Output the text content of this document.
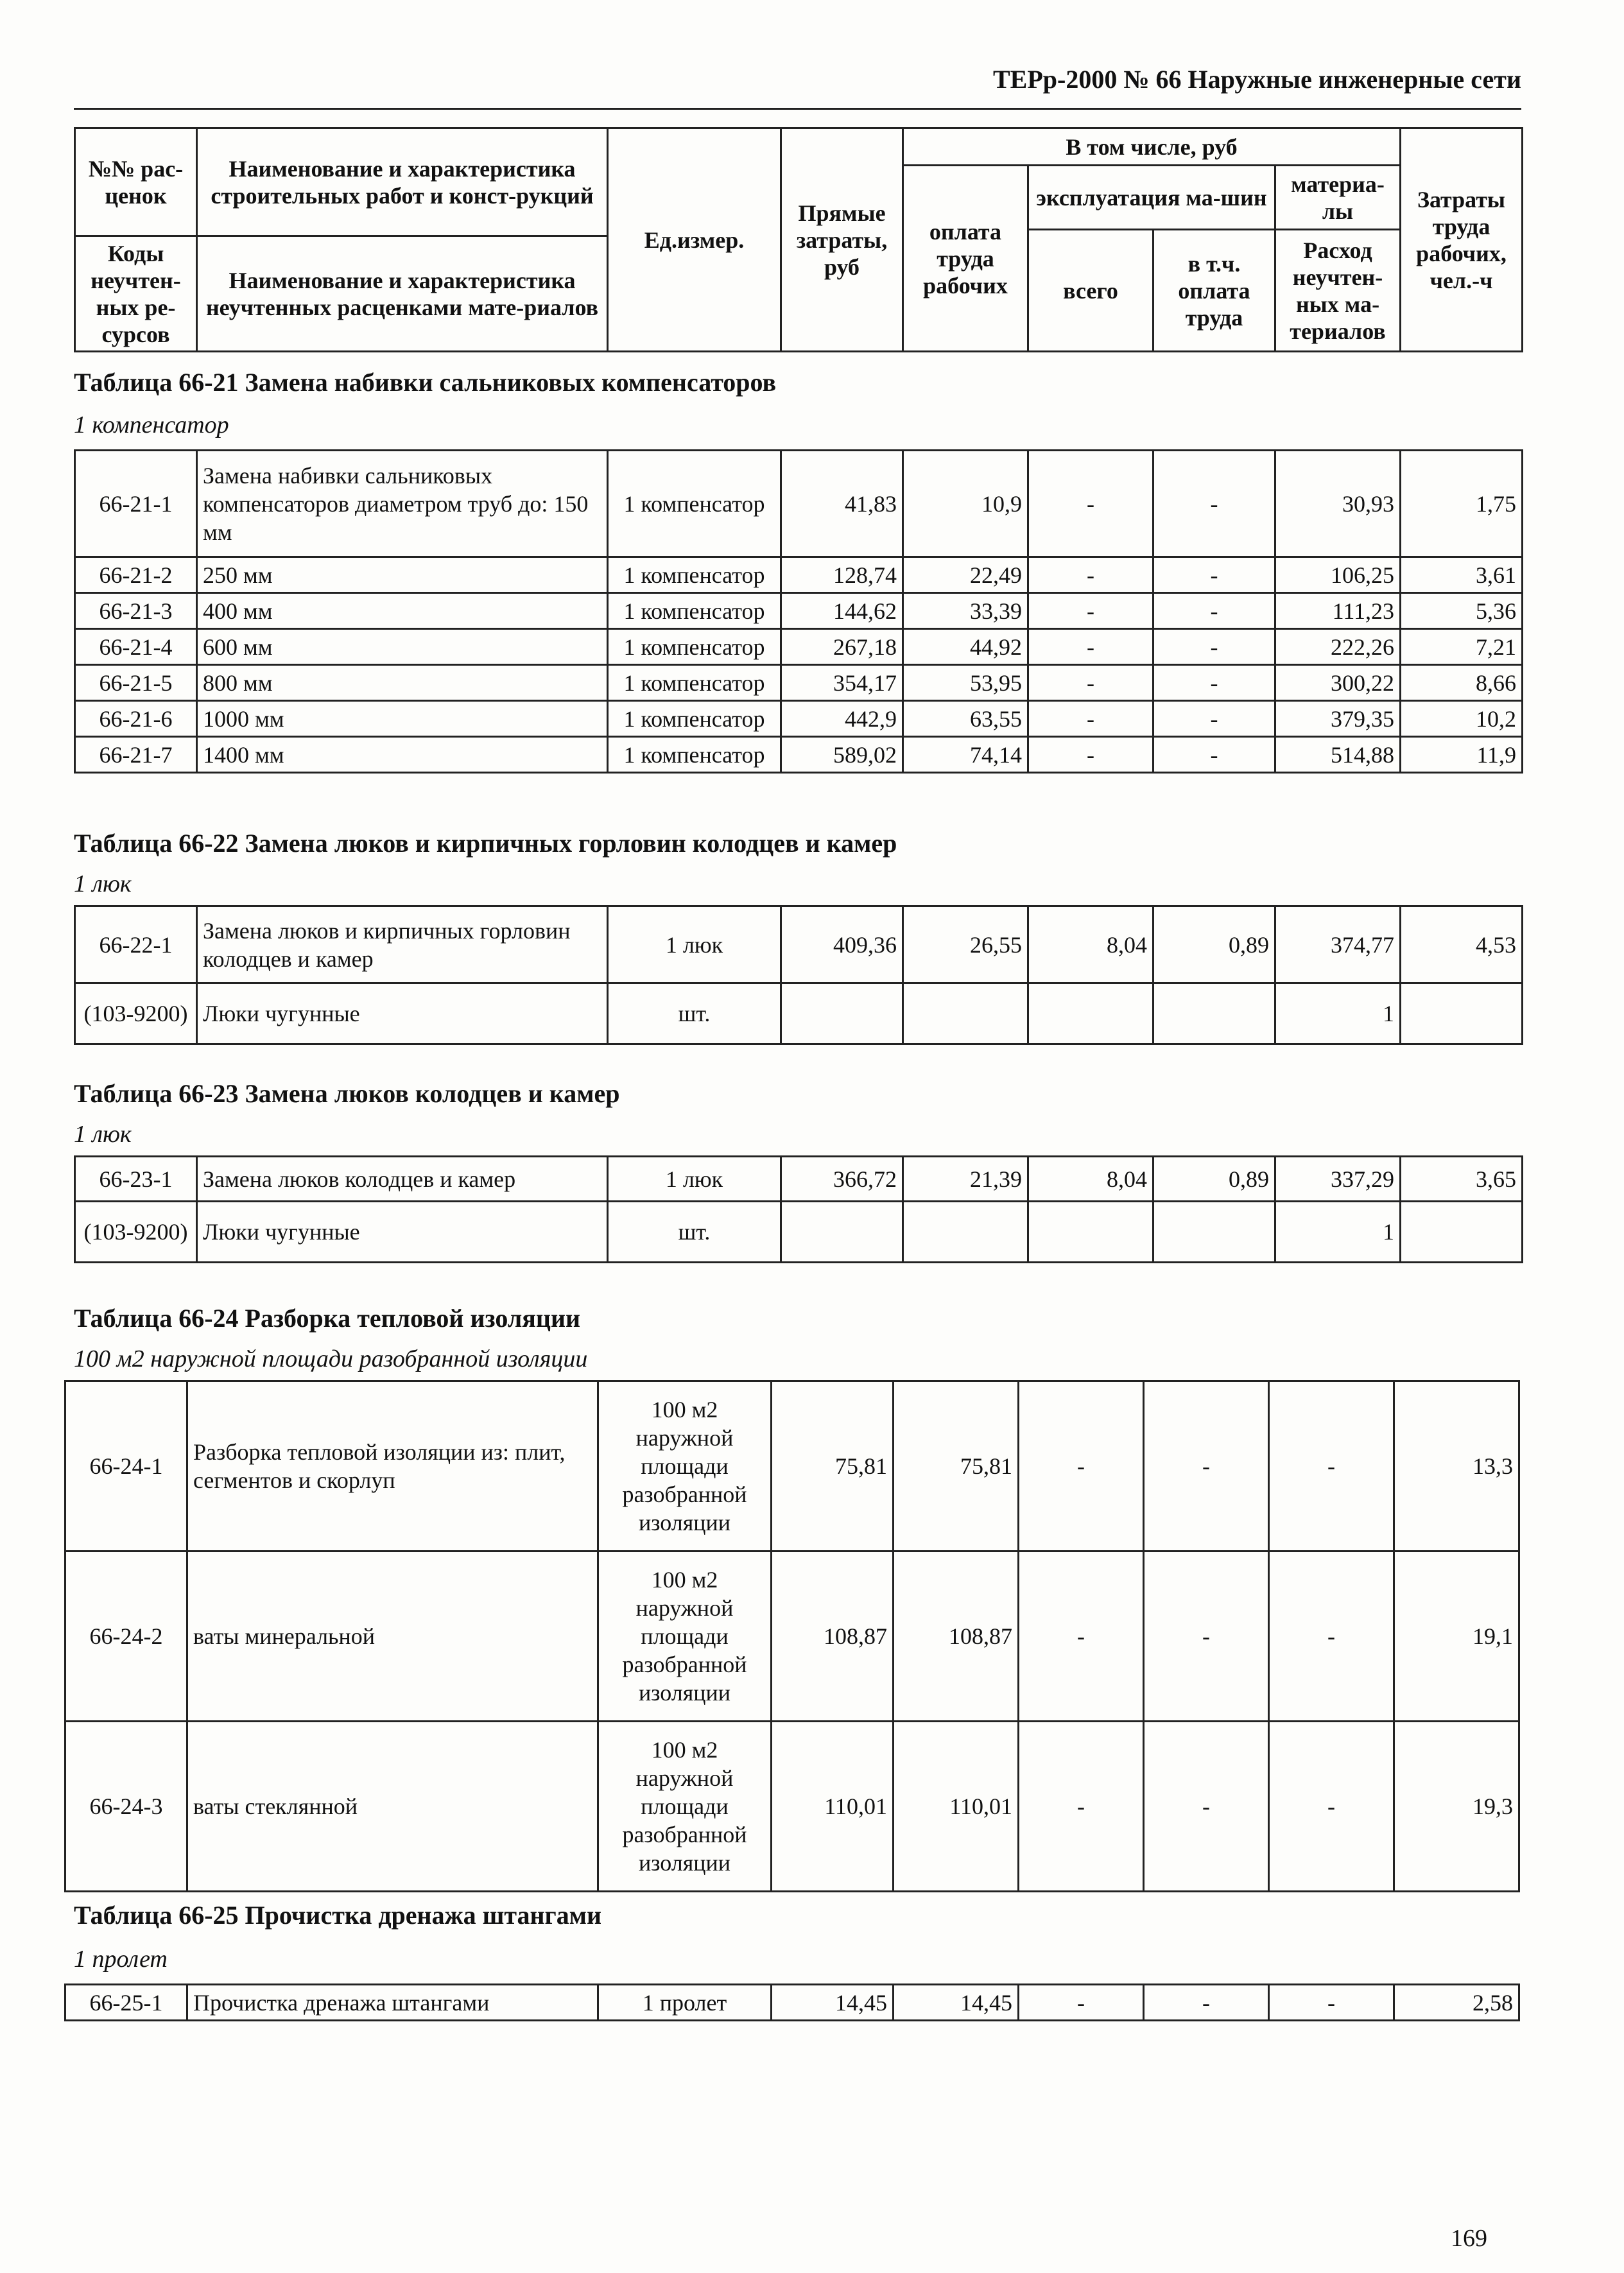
ТЕРр-2000 № 66 Наружные инженерные сети
№№ рас-ценок	Наименование и характеристика строительных работ и конст-рукций	Ед.измер.	Прямые затраты, руб	В том числе, руб				Затраты труда рабочих, чел.-ч
				оплата труда рабочих	эксплуатация ма-шин		материа-лы	
					всего	в т.ч. оплата труда	Расход неучтен-ных ма-териалов	
Коды неучтен-ных ре-сурсов	Наименование и характеристика неучтенных расценками мате-риалов							

Таблица 66-21 Замена набивки сальниковых компенсаторов
1 компенсатор
66-21-1	Замена набивки сальниковых компенсаторов диаметром труб до: 150 мм	1 компенсатор	41,83	10,9	-	-	30,93	1,75
66-21-2	250 мм	1 компенсатор	128,74	22,49	-	-	106,25	3,61
66-21-3	400 мм	1 компенсатор	144,62	33,39	-	-	111,23	5,36
66-21-4	600 мм	1 компенсатор	267,18	44,92	-	-	222,26	7,21
66-21-5	800 мм	1 компенсатор	354,17	53,95	-	-	300,22	8,66
66-21-6	1000 мм	1 компенсатор	442,9	63,55	-	-	379,35	10,2
66-21-7	1400 мм	1 компенсатор	589,02	74,14	-	-	514,88	11,9
Таблица 66-22 Замена люков и кирпичных горловин колодцев и камер
1 люк
66-22-1	Замена люков и кирпичных горловин колодцев и камер	1 люк	409,36	26,55	8,04	0,89	374,77	4,53
(103-9200)	Люки чугунные	шт.					1	
Таблица 66-23 Замена люков колодцев и камер
1 люк
66-23-1	Замена люков колодцев и камер	1 люк	366,72	21,39	8,04	0,89	337,29	3,65
(103-9200)	Люки чугунные	шт.					1	
Таблица 66-24 Разборка тепловой изоляции
100 м2 наружной площади разобранной изоляции
66-24-1	Разборка тепловой изоляции из: плит, сегментов и скорлуп	100 м2 наружной площади разобранной изоляции	75,81	75,81	-	-	-	13,3
66-24-2	ваты минеральной	100 м2 наружной площади разобранной изоляции	108,87	108,87	-	-	-	19,1
66-24-3	ваты стеклянной	100 м2 наружной площади разобранной изоляции	110,01	110,01	-	-	-	19,3
Таблица 66-25 Прочистка дренажа штангами
1 пролет
66-25-1	Прочистка дренажа штангами	1 пролет	14,45	14,45	-	-	-	2,58
169
